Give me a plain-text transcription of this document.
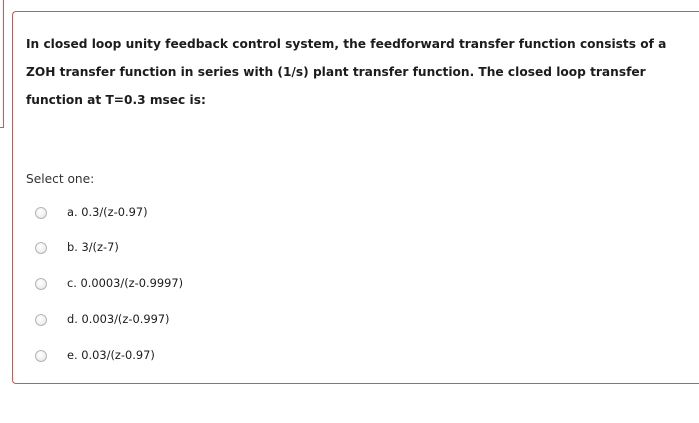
In closed loop unity feedback control system, the feedforward transfer function consists of a ZOH transfer function in series with (1/s) plant transfer function. The closed loop transfer function at T=0.3 msec is:
Select one:
a. 0.3/(z-0.97)
b. 3/(z-7)
c. 0.0003/(z-0.9997)
d. 0.003/(z-0.997)
e. 0.03/(z-0.97)
